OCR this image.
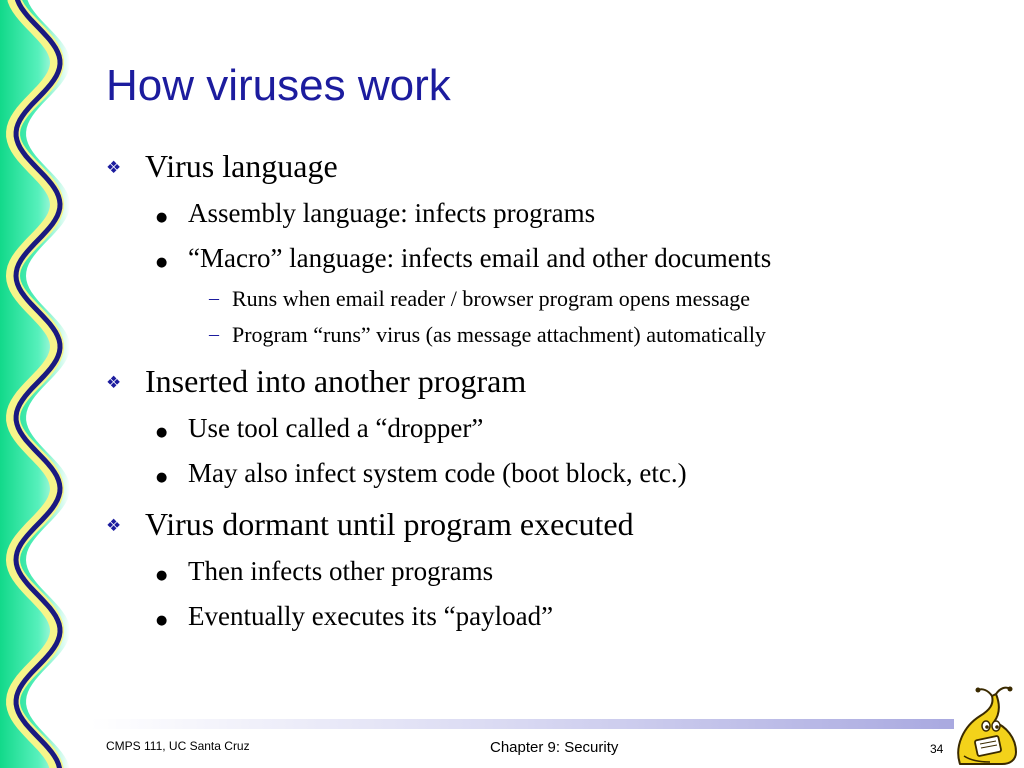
How viruses work
❖ Virus language
● Assembly language: infects programs
● “Macro” language: infects email and other documents
– Runs when email reader / browser program opens message
– Program “runs” virus (as message attachment) automatically
❖ Inserted into another program
● Use tool called a “dropper”
● May also infect system code (boot block, etc.)
❖ Virus dormant until program executed
● Then infects other programs
● Eventually executes its “payload”
CMPS 111, UC Santa Cruz	Chapter 9: Security	34
